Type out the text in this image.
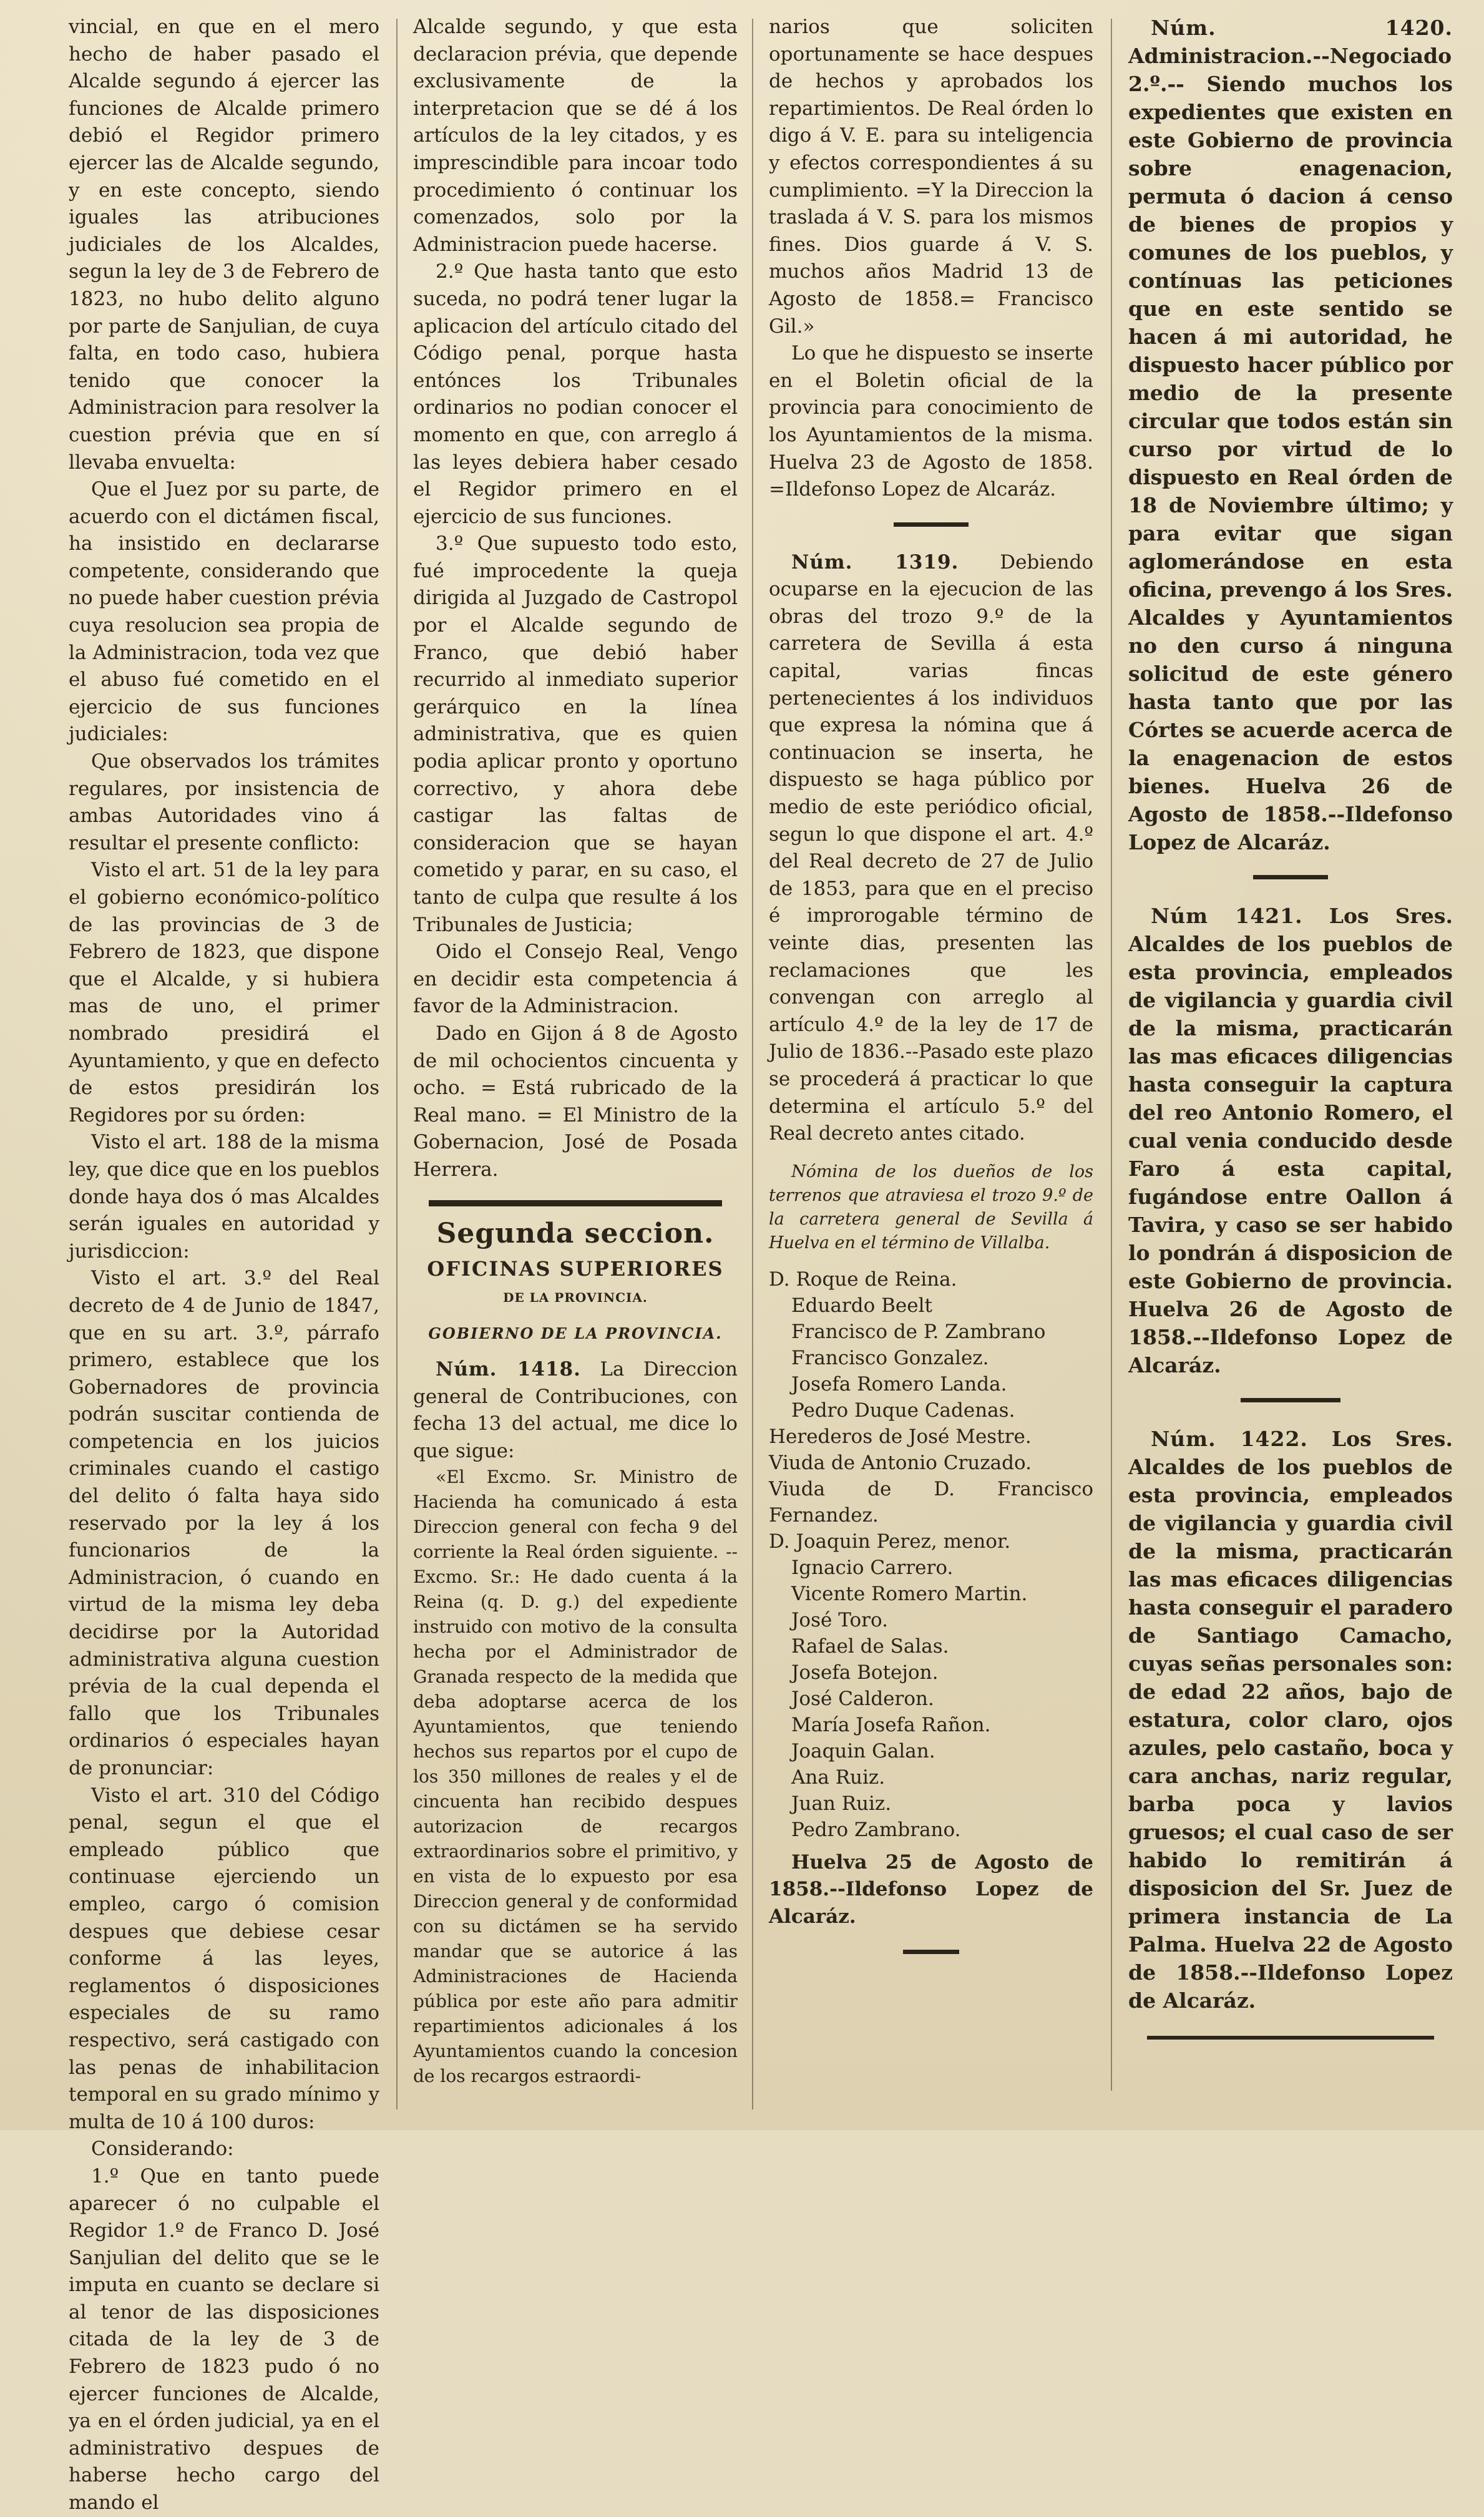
vincial, en que en el mero hecho de haber pasado el Alcalde segundo á ejercer las funciones de Alcalde primero debió el Regidor primero ejercer las de Alcalde segundo, y en este concepto, siendo iguales las atribuciones judiciales de los Alcaldes, segun la ley de 3 de Febrero de 1823, no hubo delito alguno por parte de Sanjulian, de cuya falta, en todo caso, hubiera tenido que conocer la Administracion para resolver la cuestion prévia que en sí llevaba envuelta:

Que el Juez por su parte, de acuerdo con el dictámen fiscal, ha insistido en declararse competente, considerando que no puede haber cuestion prévia cuya resolucion sea propia de la Administracion, toda vez que el abuso fué cometido en el ejercicio de sus funciones judiciales:

Que observados los trámites regulares, por insistencia de ambas Autoridades vino á resultar el presente conflicto:

Visto el art. 51 de la ley para el gobierno económico-político de las provincias de 3 de Febrero de 1823, que dispone que el Alcalde, y si hubiera mas de uno, el primer nombrado presidirá el Ayuntamiento, y que en defecto de estos presidirán los Regidores por su órden:

Visto el art. 188 de la misma ley, que dice que en los pueblos donde haya dos ó mas Alcaldes serán iguales en autoridad y jurisdiccion:

Visto el art. 3.º del Real decreto de 4 de Junio de 1847, que en su art. 3.º, párrafo primero, establece que los Gobernadores de provincia podrán suscitar contienda de competencia en los juicios criminales cuando el castigo del delito ó falta haya sido reservado por la ley á los funcionarios de la Administracion, ó cuando en virtud de la misma ley deba decidirse por la Autoridad administrativa alguna cuestion prévia de la cual dependa el fallo que los Tribunales ordinarios ó especiales hayan de pronunciar:

Visto el art. 310 del Código penal, segun el que el empleado público que continuase ejerciendo un empleo, cargo ó comision despues que debiese cesar conforme á las leyes, reglamentos ó disposiciones especiales de su ramo respectivo, será castigado con las penas de inhabilitacion temporal en su grado mínimo y multa de 10 á 100 duros:

Considerando:

1.º Que en tanto puede aparecer ó no culpable el Regidor 1.º de Franco D. José Sanjulian del delito que se le imputa en cuanto se declare si al tenor de las disposiciones citada de la ley de 3 de Febrero de 1823 pudo ó no ejercer funciones de Alcalde, ya en el órden judicial, ya en el administrativo despues de haberse hecho cargo del mando el

Alcalde segundo, y que esta declaracion prévia, que depende exclusivamente de la interpretacion que se dé á los artículos de la ley citados, y es imprescindible para incoar todo procedimiento ó continuar los comenzados, solo por la Administracion puede hacerse.

2.º Que hasta tanto que esto suceda, no podrá tener lugar la aplicacion del artículo citado del Código penal, porque hasta entónces los Tribunales ordinarios no podian conocer el momento en que, con arreglo á las leyes debiera haber cesado el Regidor primero en el ejercicio de sus funciones.

3.º Que supuesto todo esto, fué improcedente la queja dirigida al Juzgado de Castropol por el Alcalde segundo de Franco, que debió haber recurrido al inmediato superior gerárquico en la línea administrativa, que es quien podia aplicar pronto y oportuno correctivo, y ahora debe castigar las faltas de consideracion que se hayan cometido y parar, en su caso, el tanto de culpa que resulte á los Tribunales de Justicia;

Oido el Consejo Real, Vengo en decidir esta competencia á favor de la Administracion.

Dado en Gijon á 8 de Agosto de mil ochocientos cincuenta y ocho. = Está rubricado de la Real mano. = El Ministro de la Gobernacion, José de Posada Herrera.

Segunda seccion.

OFICINAS SUPERIORES

DE LA PROVINCIA.

GOBIERNO DE LA PROVINCIA.

Núm. 1418. La Direccion general de Contribuciones, con fecha 13 del actual, me dice lo que sigue:

«El Excmo. Sr. Ministro de Hacienda ha comunicado á esta Direccion general con fecha 9 del corriente la Real órden siguiente. --Excmo. Sr.: He dado cuenta á la Reina (q. D. g.) del expediente instruido con motivo de la consulta hecha por el Administrador de Granada respecto de la medida que deba adoptarse acerca de los Ayuntamientos, que teniendo hechos sus repartos por el cupo de los 350 millones de reales y el de cincuenta han recibido despues autorizacion de recargos extraordinarios sobre el primitivo, y en vista de lo expuesto por esa Direccion general y de conformidad con su dictámen se ha servido mandar que se autorice á las Administraciones de Hacienda pública por este año para admitir repartimientos adicionales á los Ayuntamientos cuando la concesion de los recargos estraordi-

narios que soliciten oportunamente se hace despues de hechos y aprobados los repartimientos. De Real órden lo digo á V. E. para su inteligencia y efectos correspondientes á su cumplimiento. =Y la Direccion la traslada á V. S. para los mismos fines. Dios guarde á V. S. muchos años Madrid 13 de Agosto de 1858.= Francisco Gil.»

Lo que he dispuesto se inserte en el Boletin oficial de la provincia para conocimiento de los Ayuntamientos de la misma. Huelva 23 de Agosto de 1858. =Ildefonso Lopez de Alcaráz.

Núm. 1319. Debiendo ocuparse en la ejecucion de las obras del trozo 9.º de la carretera de Sevilla á esta capital, varias fincas pertenecientes á los individuos que expresa la nómina que á continuacion se inserta, he dispuesto se haga público por medio de este periódico oficial, segun lo que dispone el art. 4.º del Real decreto de 27 de Julio de 1853, para que en el preciso é improrogable término de veinte dias, presenten las reclamaciones que les convengan con arreglo al artículo 4.º de la ley de 17 de Julio de 1836.--Pasado este plazo se procederá á practicar lo que determina el artículo 5.º del Real decreto antes citado.

Nómina de los dueños de los terrenos que atraviesa el trozo 9.º de la carretera general de Sevilla á Huelva en el término de Villalba.

D. Roque de Reina.
Eduardo Beelt
Francisco de P. Zambrano
Francisco Gonzalez.
Josefa Romero Landa.
Pedro Duque Cadenas.
Herederos de José Mestre.
Viuda de Antonio Cruzado.
Viuda de D. Francisco Fernandez.
D. Joaquin Perez, menor.
Ignacio Carrero.
Vicente Romero Martin.
José Toro.
Rafael de Salas.
Josefa Botejon.
José Calderon.
María Josefa Rañon.
Joaquin Galan.
Ana Ruiz.
Juan Ruiz.
Pedro Zambrano.

Huelva 25 de Agosto de 1858.--Ildefonso Lopez de Alcaráz.

Núm. 1420. Administracion.--Negociado 2.º.-- Siendo muchos los expedientes que existen en este Gobierno de provincia sobre enagenacion, permuta ó dacion á censo de bienes de propios y comunes de los pueblos, y contínuas las peticiones que en este sentido se hacen á mi autoridad, he dispuesto hacer público por medio de la presente circular que todos están sin curso por virtud de lo dispuesto en Real órden de 18 de Noviembre último; y para evitar que sigan aglomerándose en esta oficina, prevengo á los Sres. Alcaldes y Ayuntamientos no den curso á ninguna solicitud de este género hasta tanto que por las Córtes se acuerde acerca de la enagenacion de estos bienes. Huelva 26 de Agosto de 1858.--Ildefonso Lopez de Alcaráz.

Núm 1421. Los Sres. Alcaldes de los pueblos de esta provincia, empleados de vigilancia y guardia civil de la misma, practicarán las mas eficaces diligencias hasta conseguir la captura del reo Antonio Romero, el cual venia conducido desde Faro á esta capital, fugándose entre Oallon á Tavira, y caso se ser habido lo pondrán á disposicion de este Gobierno de provincia. Huelva 26 de Agosto de 1858.--Ildefonso Lopez de Alcaráz.

Núm. 1422. Los Sres. Alcaldes de los pueblos de esta provincia, empleados de vigilancia y guardia civil de la misma, practicarán las mas eficaces diligencias hasta conseguir el paradero de Santiago Camacho, cuyas señas personales son: de edad 22 años, bajo de estatura, color claro, ojos azules, pelo castaño, boca y cara anchas, nariz regular, barba poca y lavios gruesos; el cual caso de ser habido lo remitirán á disposicion del Sr. Juez de primera instancia de La Palma. Huelva 22 de Agosto de 1858.--Ildefonso Lopez de Alcaráz.
